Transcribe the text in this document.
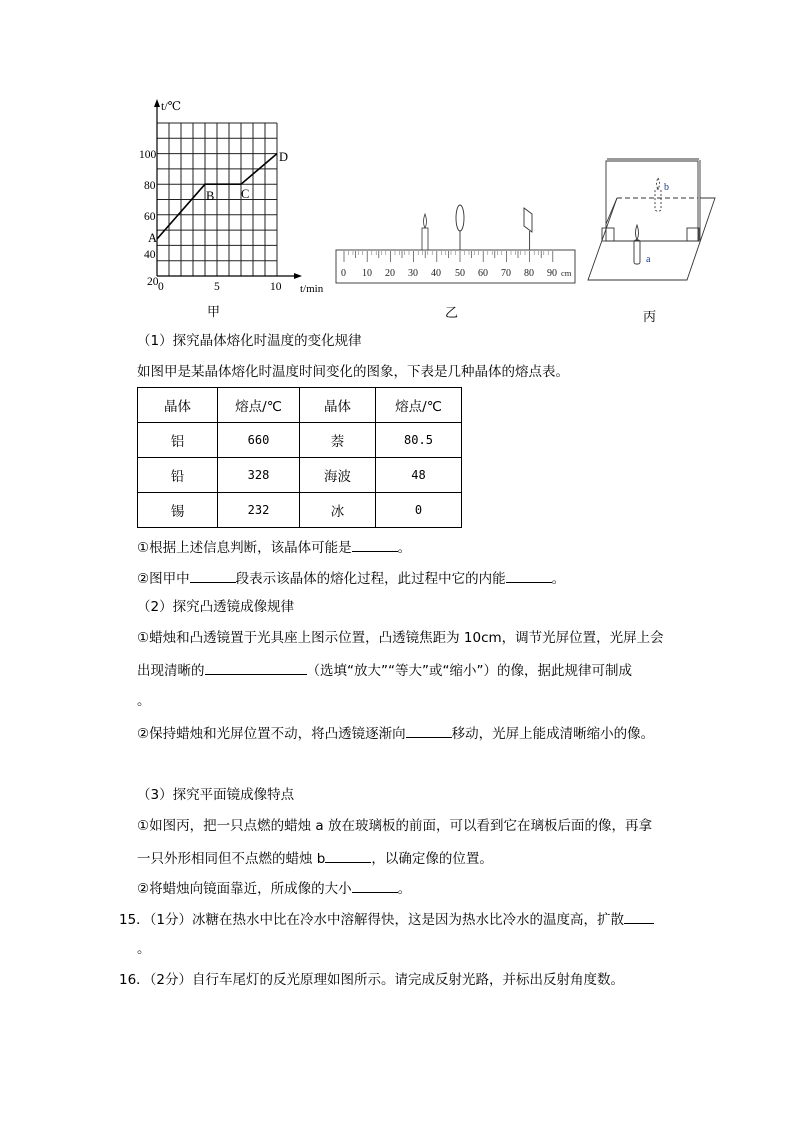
t/℃
t/min
100
80
60
40
20 0	5	10
A
B C
D
甲
0 10 20 30 40 50 60 70 80 90 cm
乙
a
b
丙
（1）探究晶体熔化时温度的变化规律
如图甲是某晶体熔化时温度时间变化的图象，下表是几种晶体的熔点表。
晶体	熔点/℃	晶体	熔点/℃
铝	660	萘	80.5
铅	328	海波	48
锡	232	冰	0
①根据上述信息判断，该晶体可能是	。
②图甲中	段表示该晶体的熔化过程，此过程中它的内能	。
（2）探究凸透镜成像规律
①蜡烛和凸透镜置于光具座上图示位置，凸透镜焦距为 10cm，调节光屏位置，光屏上会
出现清晰的	（选填“放大”“等大”或“缩小”）的像，据此规律可制成
。
②保持蜡烛和光屏位置不动，将凸透镜逐渐向	移动，光屏上能成清晰缩小的像。
（3）探究平面镜成像特点
①如图丙，把一只点燃的蜡烛 a 放在玻璃板的前面，可以看到它在璃板后面的像，再拿
一只外形相同但不点燃的蜡烛 b	，以确定像的位置。
②将蜡烛向镜面靠近，所成像的大小	。
15．（1分）冰糖在热水中比在冷水中溶解得快，这是因为热水比冷水的温度高，扩散
。
16．（2分）自行车尾灯的反光原理如图所示。请完成反射光路，并标出反射角度数。
